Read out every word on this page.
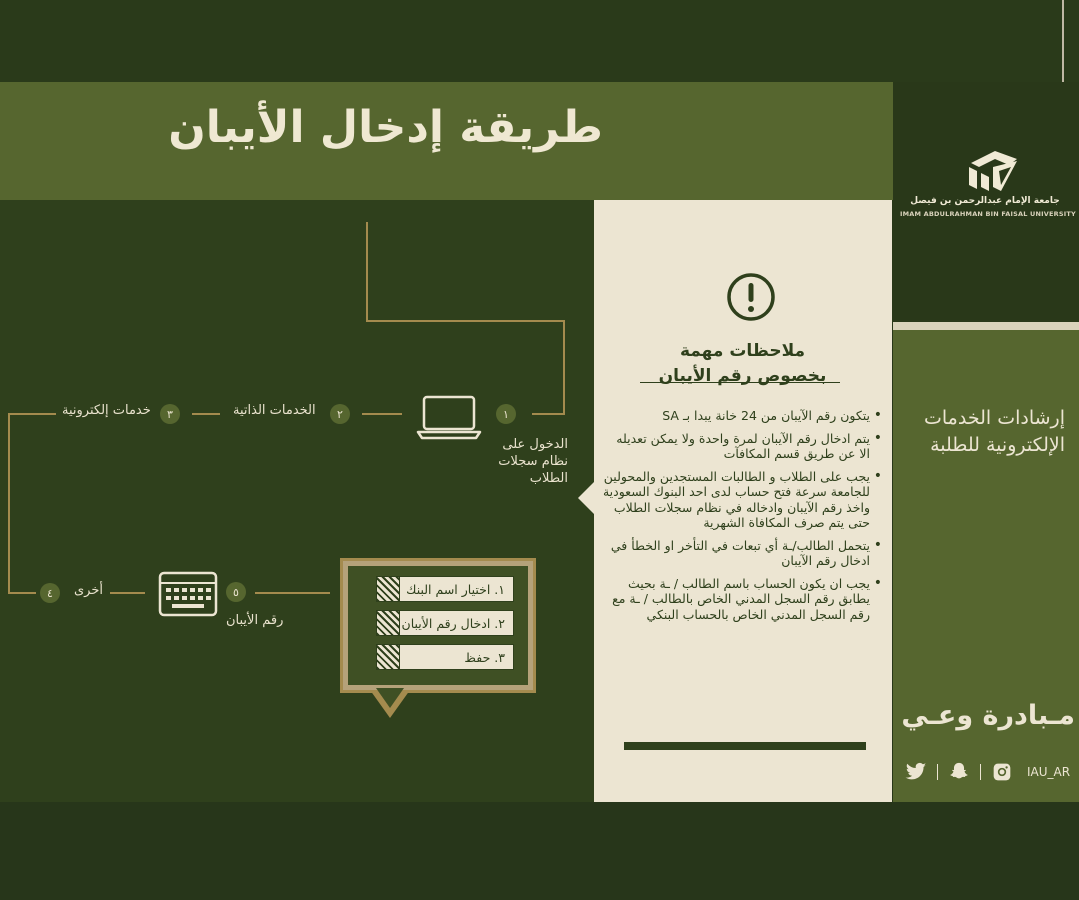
طريقة إدخال الأيبان
جامعة الإمام عبدالرحمن بن فيصل
IMAM ABDULRAHMAN BIN FAISAL UNIVERSITY
إرشادات الخدمات الإلكترونية للطلبة
مـبادرة وعـي
IAU_AR
ملاحظات مهمة
بخصوص رقم الأيبان
• يتكون رقم الآيبان من 24 خانة يبدا بـ SA
• يتم ادخال رقم الآيبان لمرة واحدة ولا يمكن تعديله الا عن طريق قسم المكافآت
• يجب على الطلاب و الطالبات المستجدين والمحولين للجامعة سرعة فتح حساب لدى احد البنوك السعودية واخذ رقم الآيبان وادخاله في نظام سجلات الطلاب حتى يتم صرف المكافاة الشهرية
• يتحمل الطالب/ـة أي تبعات في التأخر او الخطأ في ادخال رقم الآيبان
• يجب ان يكون الحساب باسم الطالب / ـة بحيث يطابق رقم السجل المدني الخاص بالطالب / ـة مع رقم السجل المدني الخاص بالحساب البنكي
١
الدخول على نظام سجلات الطلاب
٢
الخدمات الذاتية
٣
خدمات إلكترونية
٤	أخرى	٥
رقم الأيبان
١. اختيار اسم البنك
٢. ادخال رقم الأيبان
٣. حفظ
